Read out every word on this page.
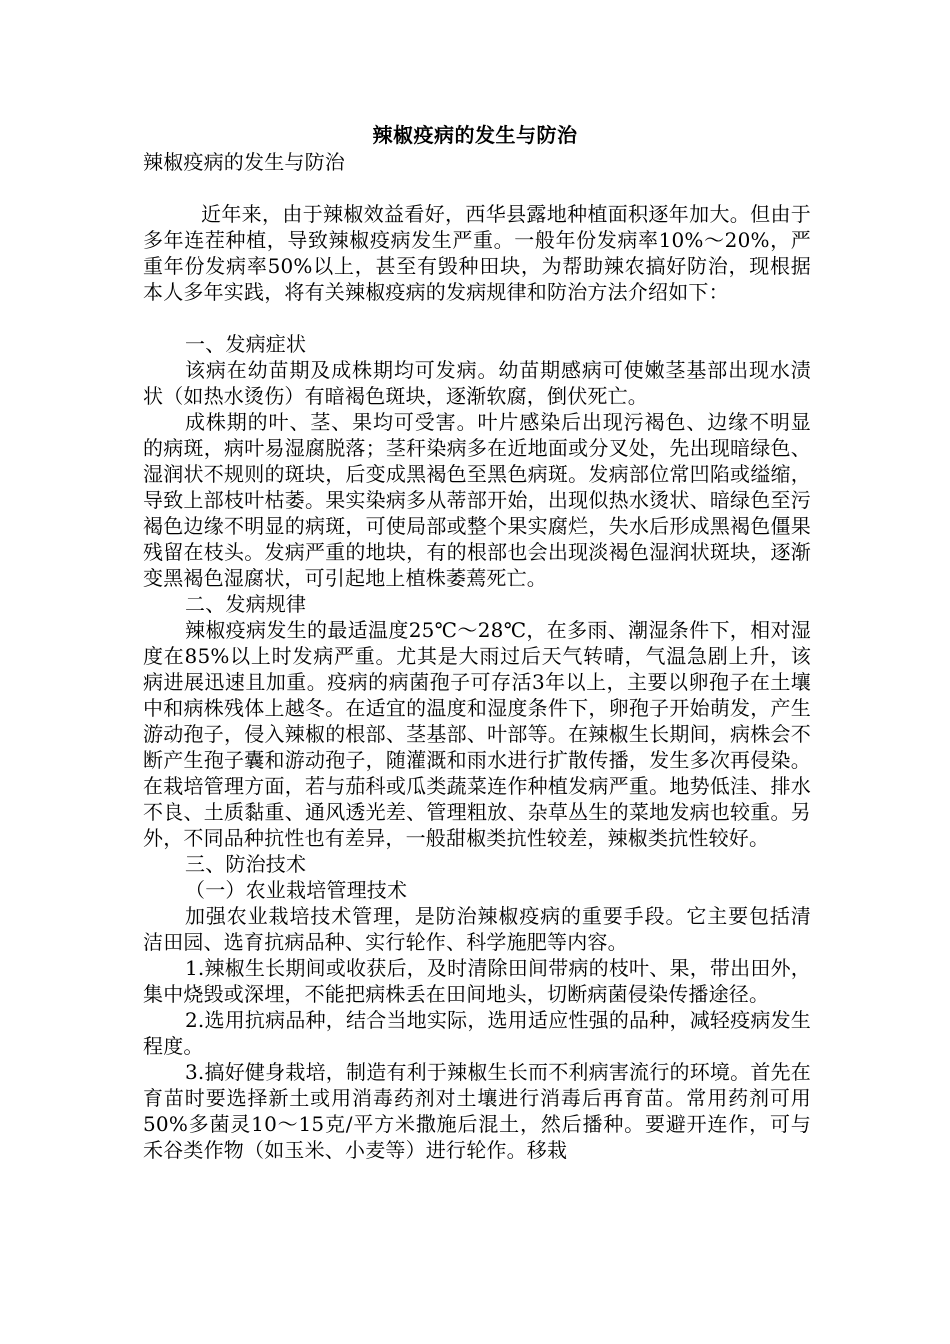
辣椒疫病的发生与防治

辣椒疫病的发生与防治

近年来，由于辣椒效益看好，西华县露地种植面积逐年加大。但由于多年连茬种植，导致辣椒疫病发生严重。一般年份发病率10%～20%，严重年份发病率50%以上，甚至有毁种田块，为帮助辣农搞好防治，现根据本人多年实践，将有关辣椒疫病的发病规律和防治方法介绍如下：

一、发病症状

该病在幼苗期及成株期均可发病。幼苗期感病可使嫩茎基部出现水渍状（如热水烫伤）有暗褐色斑块，逐渐软腐，倒伏死亡。

成株期的叶、茎、果均可受害。叶片感染后出现污褐色、边缘不明显的病斑，病叶易湿腐脱落；茎秆染病多在近地面或分叉处，先出现暗绿色、湿润状不规则的斑块，后变成黑褐色至黑色病斑。发病部位常凹陷或缢缩，导致上部枝叶枯萎。果实染病多从蒂部开始，出现似热水烫状、暗绿色至污褐色边缘不明显的病斑，可使局部或整个果实腐烂，失水后形成黑褐色僵果残留在枝头。发病严重的地块，有的根部也会出现淡褐色湿润状斑块，逐渐变黑褐色湿腐状，可引起地上植株萎蔫死亡。

二、发病规律

辣椒疫病发生的最适温度25℃～28℃，在多雨、潮湿条件下，相对湿度在85%以上时发病严重。尤其是大雨过后天气转晴，气温急剧上升，该病进展迅速且加重。疫病的病菌孢子可存活3年以上，主要以卵孢子在土壤中和病株残体上越冬。在适宜的温度和湿度条件下，卵孢子开始萌发，产生游动孢子，侵入辣椒的根部、茎基部、叶部等。在辣椒生长期间，病株会不断产生孢子囊和游动孢子，随灌溉和雨水进行扩散传播，发生多次再侵染。在栽培管理方面，若与茄科或瓜类蔬菜连作种植发病严重。地势低洼、排水不良、土质黏重、通风透光差、管理粗放、杂草丛生的菜地发病也较重。另外，不同品种抗性也有差异，一般甜椒类抗性较差，辣椒类抗性较好。

三、防治技术

（一）农业栽培管理技术

加强农业栽培技术管理，是防治辣椒疫病的重要手段。它主要包括清洁田园、选育抗病品种、实行轮作、科学施肥等内容。

1.辣椒生长期间或收获后，及时清除田间带病的枝叶、果，带出田外，集中烧毁或深埋，不能把病株丢在田间地头，切断病菌侵染传播途径。

2.选用抗病品种，结合当地实际，选用适应性强的品种，减轻疫病发生程度。

3.搞好健身栽培，制造有利于辣椒生长而不利病害流行的环境。首先在育苗时要选择新土或用消毒药剂对土壤进行消毒后再育苗。常用药剂可用50%多菌灵10～15克/平方米撒施后混土，然后播种。要避开连作，可与禾谷类作物（如玉米、小麦等）进行轮作。移栽
